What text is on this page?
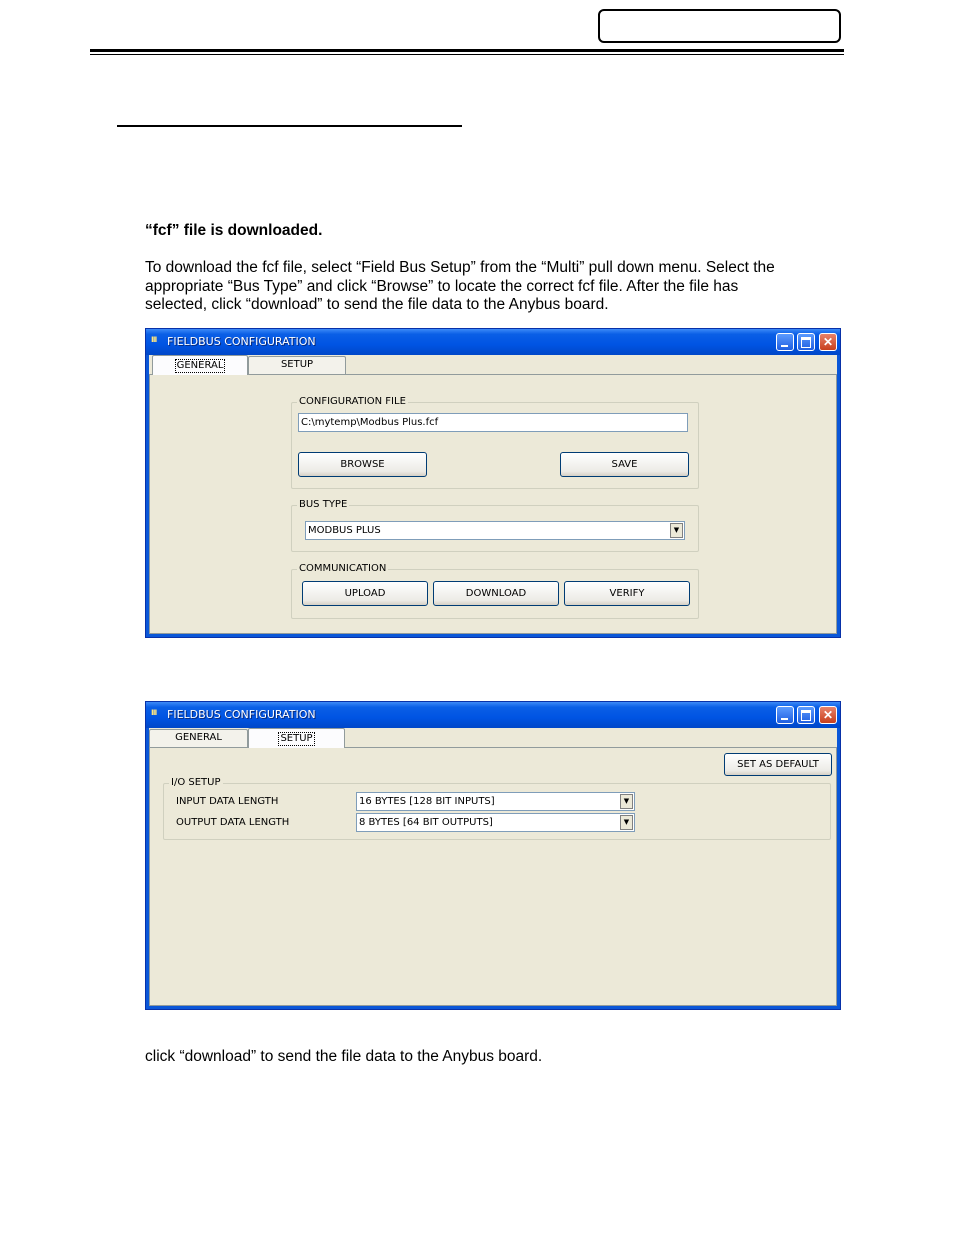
“fcf” file is downloaded.
To download the fcf file, select “Field Bus Setup” from the “Multi” pull down menu. Select the
appropriate “Bus Type” and click “Browse” to locate the correct fcf file. After the file has
selected, click “download” to send the file data to the Anybus board.
ııı FIELDBUS CONFIGURATION	✕
GENERAL	SETUP
CONFIGURATION FILE
C:\mytemp\Modbus Plus.fcf
BROWSE	SAVE
BUS TYPE
MODBUS PLUS	▼
COMMUNICATION
UPLOAD	DOWNLOAD	VERIFY
ııı FIELDBUS CONFIGURATION	✕
GENERAL	SETUP
SET AS DEFAULT
I/O SETUP
INPUT DATA LENGTH	16 BYTES [128 BIT INPUTS]	▼
OUTPUT DATA LENGTH	8 BYTES [64 BIT OUTPUTS]	▼
click “download” to send the file data to the Anybus board.
